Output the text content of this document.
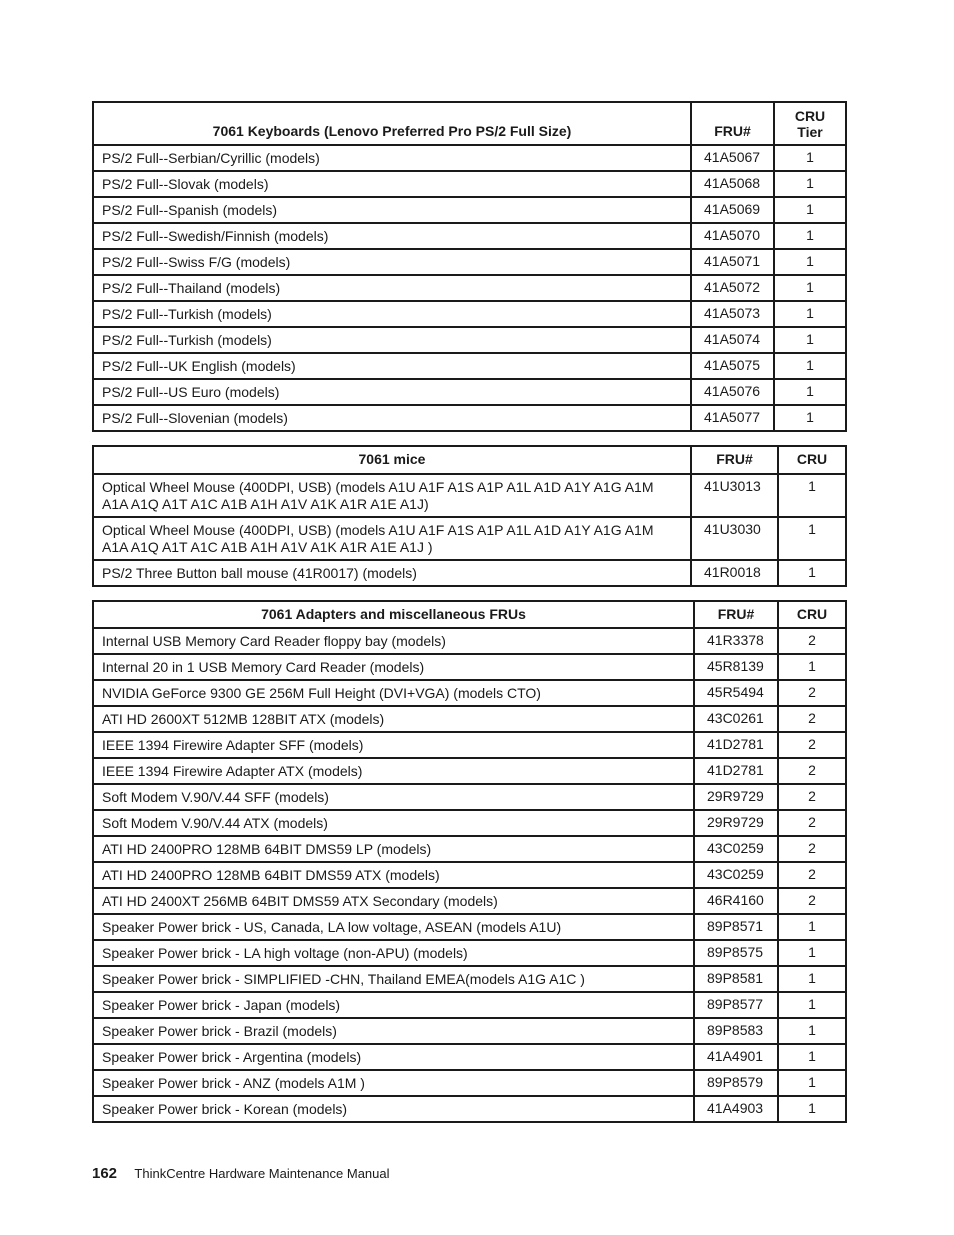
7061 Keyboards (Lenovo Preferred Pro PS/2 Full Size)	FRU#	CRU
Tier
PS/2 Full--Serbian/Cyrillic (models)	41A5067	1
PS/2 Full--Slovak (models)	41A5068	1
PS/2 Full--Spanish (models)	41A5069	1
PS/2 Full--Swedish/Finnish (models)	41A5070	1
PS/2 Full--Swiss F/G (models)	41A5071	1
PS/2 Full--Thailand (models)	41A5072	1
PS/2 Full--Turkish (models)	41A5073	1
PS/2 Full--Turkish (models)	41A5074	1
PS/2 Full--UK English (models)	41A5075	1
PS/2 Full--US Euro (models)	41A5076	1
PS/2 Full--Slovenian (models)	41A5077	1
7061 mice	FRU#	CRU
Optical Wheel Mouse (400DPI, USB) (models A1U A1F A1S A1P A1L A1D A1Y A1G A1M A1A A1Q A1T A1C A1B A1H A1V A1K A1R A1E A1J)	41U3013	1
Optical Wheel Mouse (400DPI, USB) (models A1U A1F A1S A1P A1L A1D A1Y A1G A1M A1A A1Q A1T A1C A1B A1H A1V A1K A1R A1E A1J )	41U3030	1
PS/2 Three Button ball mouse (41R0017) (models)	41R0018	1
7061 Adapters and miscellaneous FRUs	FRU#	CRU
Internal USB Memory Card Reader floppy bay (models)	41R3378	2
Internal 20 in 1 USB Memory Card Reader (models)	45R8139	1
NVIDIA GeForce 9300 GE 256M Full Height (DVI+VGA) (models CTO)	45R5494	2
ATI HD 2600XT 512MB 128BIT ATX (models)	43C0261	2
IEEE 1394 Firewire Adapter SFF (models)	41D2781	2
IEEE 1394 Firewire Adapter ATX (models)	41D2781	2
Soft Modem V.90/V.44 SFF (models)	29R9729	2
Soft Modem V.90/V.44 ATX (models)	29R9729	2
ATI HD 2400PRO 128MB 64BIT DMS59 LP (models)	43C0259	2
ATI HD 2400PRO 128MB 64BIT DMS59 ATX (models)	43C0259	2
ATI HD 2400XT 256MB 64BIT DMS59 ATX Secondary (models)	46R4160	2
Speaker Power brick - US, Canada, LA low voltage, ASEAN (models A1U)	89P8571	1
Speaker Power brick - LA high voltage (non-APU) (models)	89P8575	1
Speaker Power brick - SIMPLIFIED -CHN, Thailand EMEA(models A1G A1C )	89P8581	1
Speaker Power brick - Japan (models)	89P8577	1
Speaker Power brick - Brazil (models)	89P8583	1
Speaker Power brick - Argentina (models)	41A4901	1
Speaker Power brick - ANZ (models A1M )	89P8579	1
Speaker Power brick - Korean (models)	41A4903	1
162 ThinkCentre Hardware Maintenance Manual
